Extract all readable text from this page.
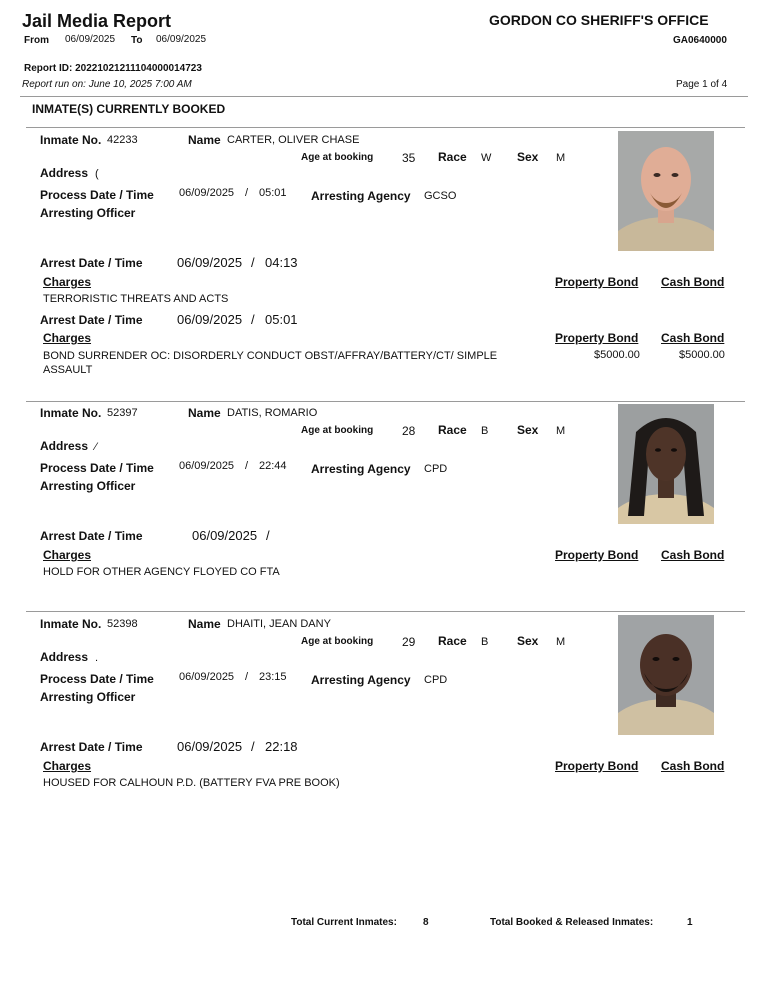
Jail Media Report
From 06/09/2025 To 06/09/2025
GORDON CO SHERIFF'S OFFICE
GA0640000
Report ID: 20221021211104000014723
Report run on: June 10, 2025 7:00 AM	Page 1 of 4
INMATE(S) CURRENTLY BOOKED
Inmate No. 42233	Name CARTER, OLIVER CHASE
Age at booking 35 Race W Sex M
Address (
Process Date / Time 06/09/2025 / 05:01 Arresting Agency GCSO
Arresting Officer
Arrest Date / Time	06/09/2025 / 04:13
Charges	Property Bond Cash Bond
TERRORISTIC THREATS AND ACTS
Arrest Date / Time	06/09/2025 / 05:01
Charges	Property Bond Cash Bond
BOND SURRENDER OC: DISORDERLY CONDUCT OBST/AFFRAY/BATTERY/CT/ SIMPLE ASSAULT
$5000.00	$5000.00
Inmate No. 52397	Name DATIS, ROMARIO
Age at booking 28 Race B Sex M
Address ⁄
Process Date / Time 06/09/2025 / 22:44 Arresting Agency CPD
Arresting Officer
Arrest Date / Time	06/09/2025 /
Charges	Property Bond Cash Bond
HOLD FOR OTHER AGENCY FLOYED CO FTA
Inmate No. 52398	Name DHAITI, JEAN DANY
Age at booking 29 Race B Sex M
Address .
Process Date / Time 06/09/2025 / 23:15 Arresting Agency CPD
Arresting Officer
Arrest Date / Time	06/09/2025 / 22:18
Charges	Property Bond Cash Bond
HOUSED FOR CALHOUN P.D. (BATTERY FVA PRE BOOK)
Total Current Inmates:	8	Total Booked & Released Inmates:	1
